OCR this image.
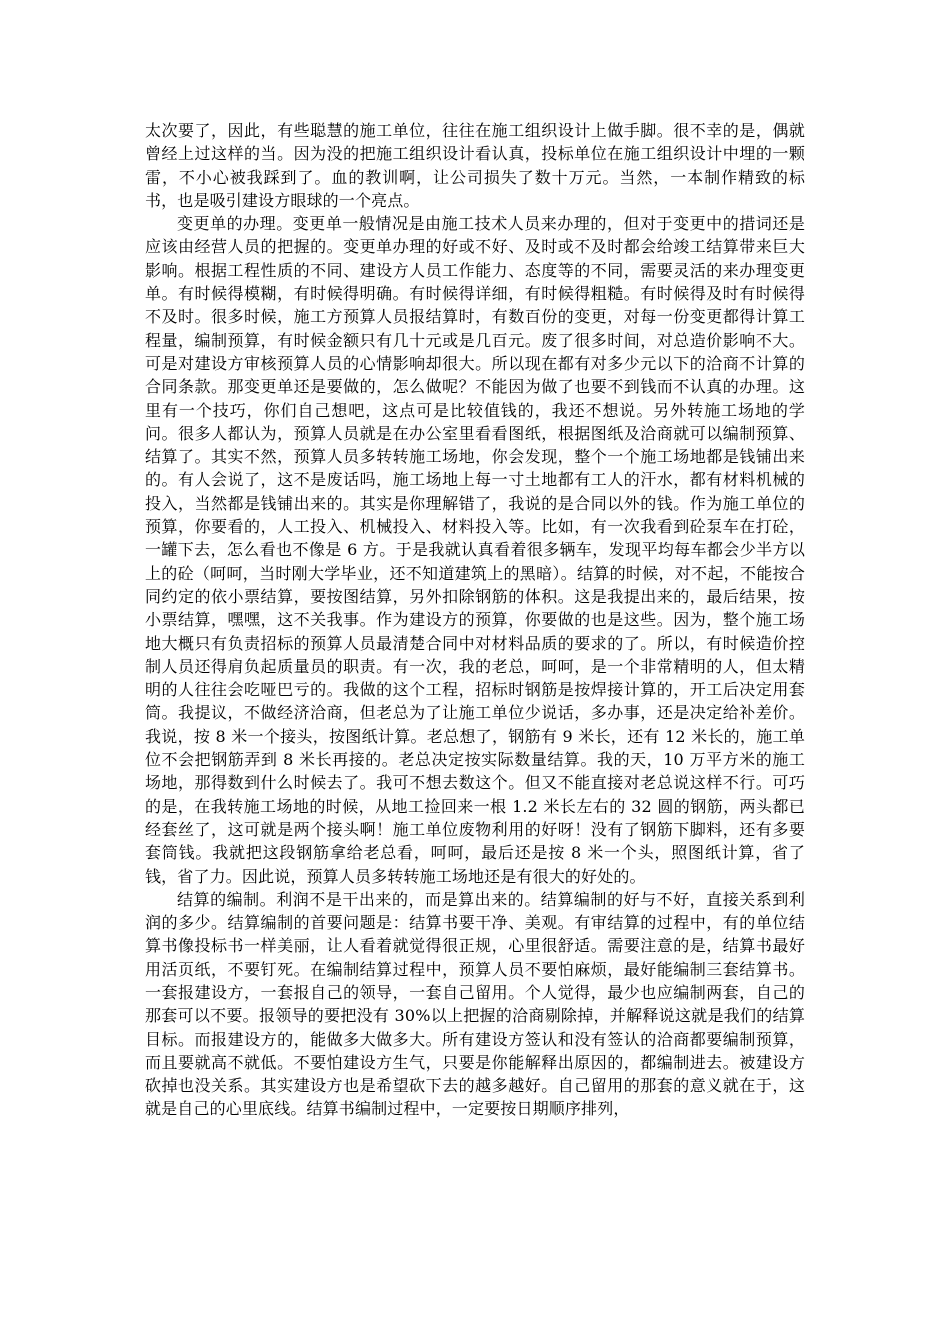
太次要了，因此，有些聪慧的施工单位，往往在施工组织设计上做手脚。很不幸的是，偶就曾经上过这样的当。因为没的把施工组织设计看认真，投标单位在施工组织设计中埋的一颗雷，不小心被我踩到了。血的教训啊，让公司损失了数十万元。当然，一本制作精致的标书，也是吸引建设方眼球的一个亮点。

变更单的办理。变更单一般情况是由施工技术人员来办理的，但对于变更中的措词还是应该由经营人员的把握的。变更单办理的好或不好、及时或不及时都会给竣工结算带来巨大影响。根据工程性质的不同、建设方人员工作能力、态度等的不同，需要灵活的来办理变更单。有时候得模糊，有时候得明确。有时候得详细，有时候得粗糙。有时候得及时有时候得不及时。很多时候，施工方预算人员报结算时，有数百份的变更，对每一份变更都得计算工程量，编制预算，有时候金额只有几十元或是几百元。废了很多时间，对总造价影响不大。可是对建设方审核预算人员的心情影响却很大。所以现在都有对多少元以下的洽商不计算的合同条款。那变更单还是要做的，怎么做呢？不能因为做了也要不到钱而不认真的办理。这里有一个技巧，你们自己想吧，这点可是比较值钱的，我还不想说。另外转施工场地的学问。很多人都认为，预算人员就是在办公室里看看图纸，根据图纸及洽商就可以编制预算、结算了。其实不然，预算人员多转转施工场地，你会发现，整个一个施工场地都是钱铺出来的。有人会说了，这不是废话吗，施工场地上每一寸土地都有工人的汗水，都有材料机械的投入，当然都是钱铺出来的。其实是你理解错了，我说的是合同以外的钱。作为施工单位的预算，你要看的，人工投入、机械投入、材料投入等。比如，有一次我看到砼泵车在打砼，一罐下去，怎么看也不像是 6 方。于是我就认真看着很多辆车，发现平均每车都会少半方以上的砼（呵呵，当时刚大学毕业，还不知道建筑上的黑暗）。结算的时候，对不起，不能按合同约定的依小票结算，要按图结算，另外扣除钢筋的体积。这是我提出来的，最后结果，按小票结算，嘿嘿，这不关我事。作为建设方的预算，你要做的也是这些。因为，整个施工场地大概只有负责招标的预算人员最清楚合同中对材料品质的要求的了。所以，有时候造价控制人员还得肩负起质量员的职责。有一次，我的老总，呵呵，是一个非常精明的人，但太精明的人往往会吃哑巴亏的。我做的这个工程，招标时钢筋是按焊接计算的，开工后决定用套筒。我提议，不做经济洽商，但老总为了让施工单位少说话，多办事，还是决定给补差价。我说，按 8 米一个接头，按图纸计算。老总想了，钢筋有 9 米长，还有 12 米长的，施工单位不会把钢筋弄到 8 米长再接的。老总决定按实际数量结算。我的天，10 万平方米的施工场地，那得数到什么时候去了。我可不想去数这个。但又不能直接对老总说这样不行。可巧的是，在我转施工场地的时候，从地工捡回来一根 1.2 米长左右的 32 圆的钢筋，两头都已经套丝了，这可就是两个接头啊！施工单位废物利用的好呀！没有了钢筋下脚料，还有多要套筒钱。我就把这段钢筋拿给老总看，呵呵，最后还是按 8 米一个头，照图纸计算，省了钱，省了力。因此说，预算人员多转转施工场地还是有很大的好处的。

结算的编制。利润不是干出来的，而是算出来的。结算编制的好与不好，直接关系到利润的多少。结算编制的首要问题是：结算书要干净、美观。有审结算的过程中，有的单位结算书像投标书一样美丽，让人看着就觉得很正规，心里很舒适。需要注意的是，结算书最好用活页纸，不要钉死。在编制结算过程中，预算人员不要怕麻烦，最好能编制三套结算书。一套报建设方，一套报自己的领导，一套自己留用。个人觉得，最少也应编制两套，自己的那套可以不要。报领导的要把没有 30%以上把握的洽商剔除掉，并解释说这就是我们的结算目标。而报建设方的，能做多大做多大。所有建设方签认和没有签认的洽商都要编制预算，而且要就高不就低。不要怕建设方生气，只要是你能解释出原因的，都编制进去。被建设方砍掉也没关系。其实建设方也是希望砍下去的越多越好。自己留用的那套的意义就在于，这就是自己的心里底线。结算书编制过程中，一定要按日期顺序排列，
